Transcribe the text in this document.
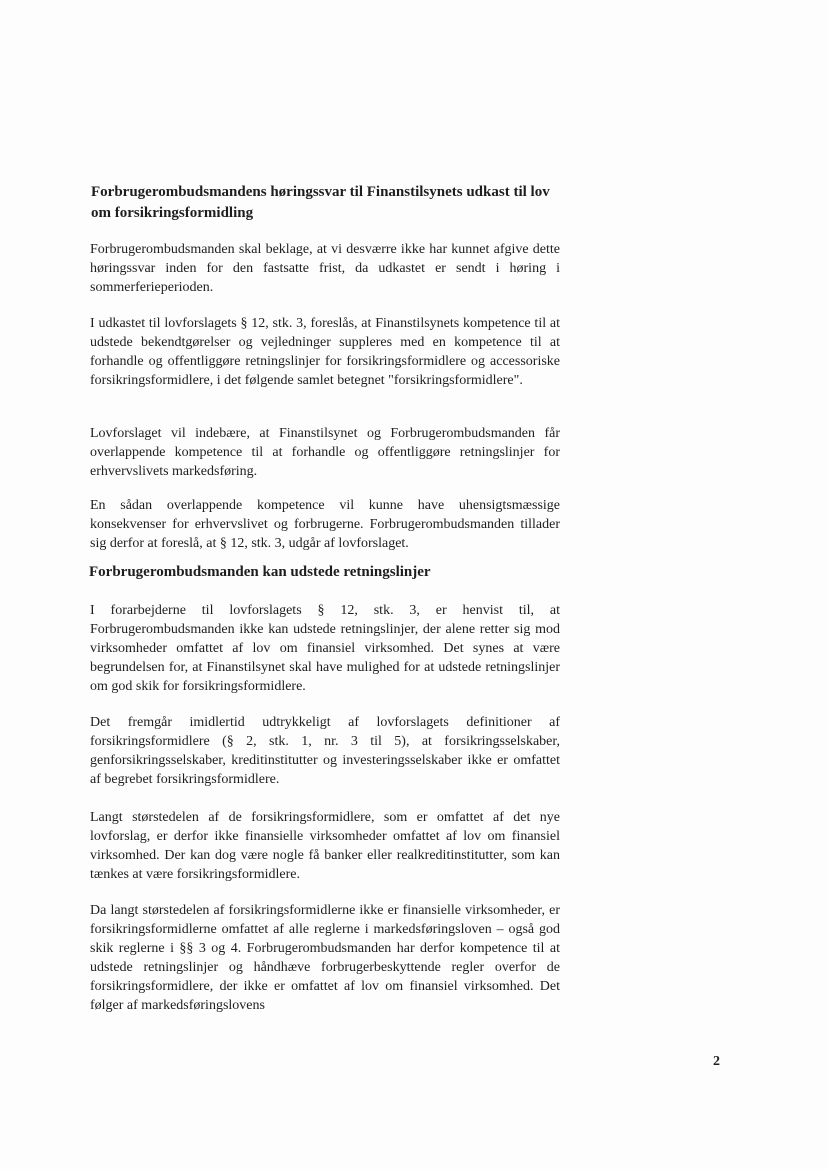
Forbrugerombudsmandens høringssvar til Finanstilsynets udkast til lov om forsikringsformidling

Forbrugerombudsmanden skal beklage, at vi desværre ikke har kunnet afgive dette høringssvar inden for den fastsatte frist, da udkastet er sendt i høring i sommerferieperioden.

I udkastet til lovforslagets § 12, stk. 3, foreslås, at Finanstilsynets kompetence til at udstede bekendtgørelser og vejledninger suppleres med en kompetence til at forhandle og offentliggøre retningslinjer for forsikringsformidlere og accessoriske forsikringsformidlere, i det følgende samlet betegnet "forsikringsformidlere".

Lovforslaget vil indebære, at Finanstilsynet og Forbrugerombudsmanden får overlappende kompetence til at forhandle og offentliggøre retningslinjer for erhvervslivets markedsføring.

En sådan overlappende kompetence vil kunne have uhensigtsmæssige konsekvenser for erhvervslivet og forbrugerne. Forbrugerombudsmanden tillader sig derfor at foreslå, at § 12, stk. 3, udgår af lovforslaget.

Forbrugerombudsmanden kan udstede retningslinjer

I forarbejderne til lovforslagets § 12, stk. 3, er henvist til, at Forbrugerombudsmanden ikke kan udstede retningslinjer, der alene retter sig mod virksomheder omfattet af lov om finansiel virksomhed. Det synes at være begrundelsen for, at Finanstilsynet skal have mulighed for at udstede retningslinjer om god skik for forsikringsformidlere.

Det fremgår imidlertid udtrykkeligt af lovforslagets definitioner af forsikringsformidlere (§ 2, stk. 1, nr. 3 til 5), at forsikringsselskaber, genforsikringsselskaber, kreditinstitutter og investeringsselskaber ikke er omfattet af begrebet forsikringsformidlere.

Langt størstedelen af de forsikringsformidlere, som er omfattet af det nye lovforslag, er derfor ikke finansielle virksomheder omfattet af lov om finansiel virksomhed. Der kan dog være nogle få banker eller realkreditinstitutter, som kan tænkes at være forsikringsformidlere.

Da langt størstedelen af forsikringsformidlerne ikke er finansielle virksomheder, er forsikringsformidlerne omfattet af alle reglerne i markedsføringsloven – også god skik reglerne i §§ 3 og 4. Forbrugerombudsmanden har derfor kompetence til at udstede retningslinjer og håndhæve forbrugerbeskyttende regler overfor de forsikringsformidlere, der ikke er omfattet af lov om finansiel virksomhed. Det følger af markedsføringslovens

2
